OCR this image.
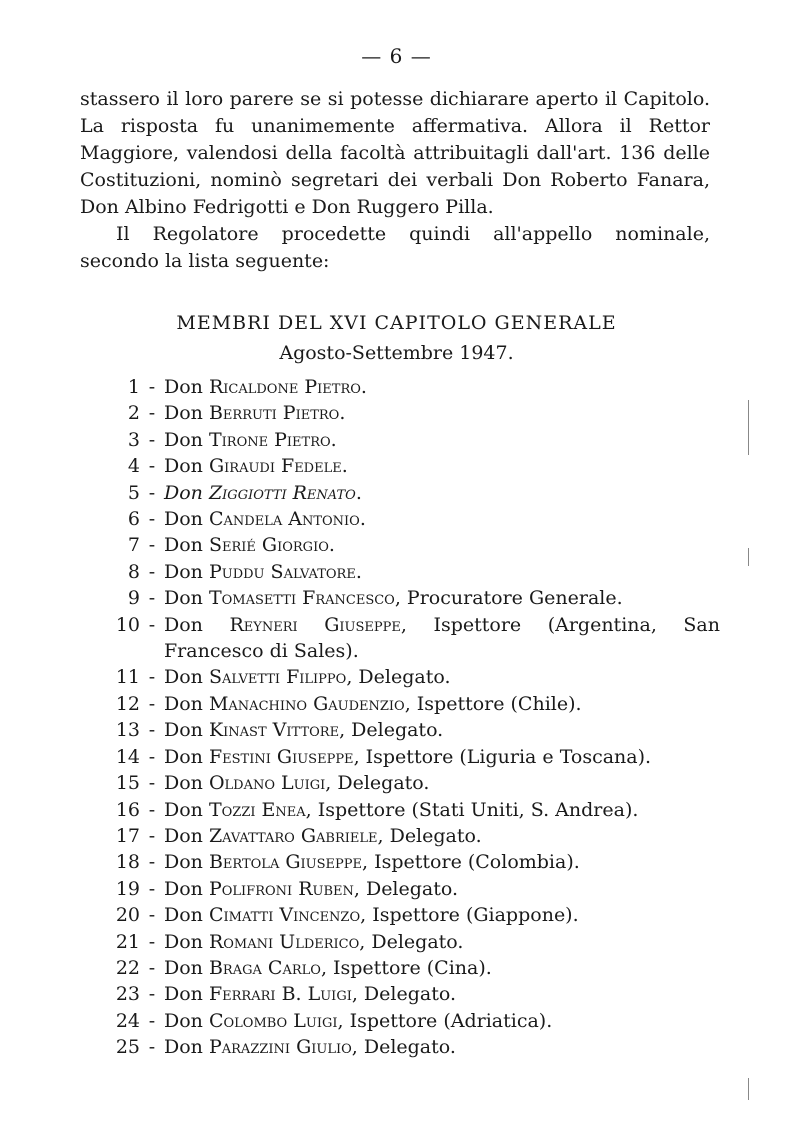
— 6 —

stassero il loro parere se si potesse dichiarare aperto il Capitolo. La risposta fu unanimemente affermativa. Allora il Rettor Maggiore, valendosi della facoltà attribuitagli dall'art. 136 delle Costituzioni, nominò segretari dei verbali Don Roberto Fanara, Don Albino Fedrigotti e Don Ruggero Pilla.

Il Regolatore procedette quindi all'appello nominale, secondo la lista seguente:

MEMBRI DEL XVI CAPITOLO GENERALE
Agosto-Settembre 1947.
1 - Don Ricaldone Pietro.
2 - Don Berruti Pietro.
3 - Don Tirone Pietro.
4 - Don Giraudi Fedele.
5 - Don Ziggiotti Renato.
6 - Don Candela Antonio.
7 - Don Serié Giorgio.
8 - Don Puddu Salvatore.
9 - Don Tomasetti Francesco, Procuratore Generale.
10 - Don Reyneri Giuseppe, Ispettore (Argentina, San Francesco di Sales).
11 - Don Salvetti Filippo, Delegato.
12 - Don Manachino Gaudenzio, Ispettore (Chile).
13 - Don Kinast Vittore, Delegato.
14 - Don Festini Giuseppe, Ispettore (Liguria e Toscana).
15 - Don Oldano Luigi, Delegato.
16 - Don Tozzi Enea, Ispettore (Stati Uniti, S. Andrea).
17 - Don Zavattaro Gabriele, Delegato.
18 - Don Bertola Giuseppe, Ispettore (Colombia).
19 - Don Polifroni Ruben, Delegato.
20 - Don Cimatti Vincenzo, Ispettore (Giappone).
21 - Don Romani Ulderico, Delegato.
22 - Don Braga Carlo, Ispettore (Cina).
23 - Don Ferrari B. Luigi, Delegato.
24 - Don Colombo Luigi, Ispettore (Adriatica).
25 - Don Parazzini Giulio, Delegato.
